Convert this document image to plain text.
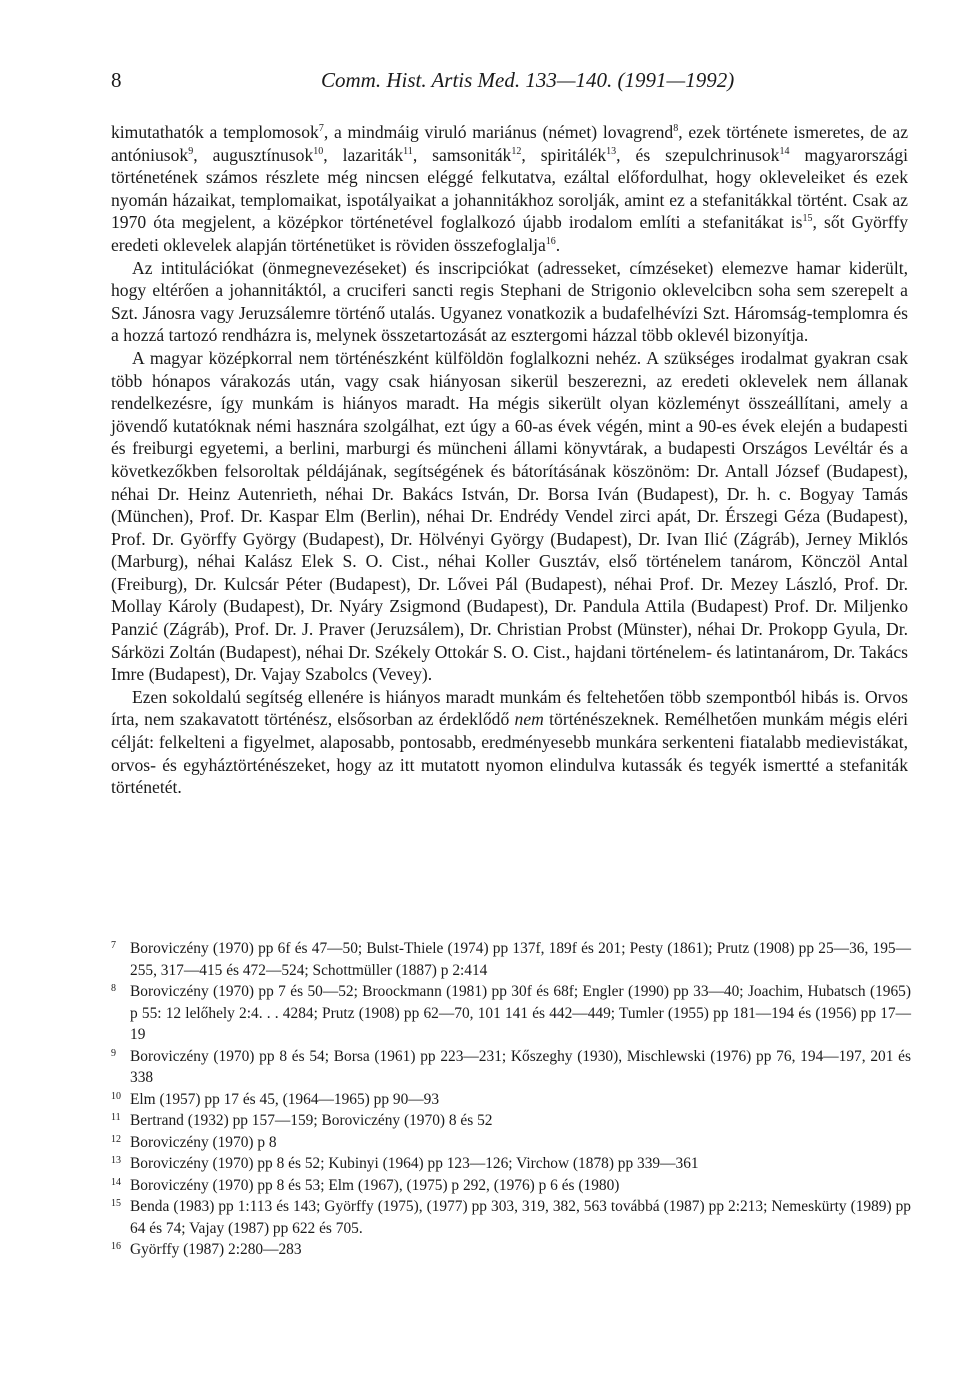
8	Comm. Hist. Artis Med. 133—140. (1991—1992)

kimutathatók a templomosok$^7$, a mindmáig viruló mariánus (német) lovagrend$^8$, ezek története ismeretes, de az antóniusok$^9$, augusztínusok$^{10}$, lazariták$^{11}$, samsoniták$^{12}$, spiritálék$^{13}$, és szepulchrinusok$^{14}$ magyarországi történetének számos részlete még nincsen eléggé felkutatva, ezáltal előfordulhat, hogy okleveleiket és ezek nyomán házaikat, templomaikat, ispotályaikat a johannitákhoz sorolják, amint ez a stefanitákkal történt. Csak az 1970 óta megjelent, a középkor történetével foglalkozó újabb irodalom említi a stefanitákat $is^{15}$, sőt Györffy eredeti oklevelek alapján történetüket is röviden összefoglalja$^{16}$.

Az intitulációkat (önmegnevezéseket) és inscripciókat (adresseket, címzéseket) elemezve hamar kiderült, hogy eltérően a johannitáktól, a cruciferi sancti regis Stephani de Strigonio oklevelcibcn soha sem szerepelt a Szt. Jánosra vagy Jeruzsálemre történő utalás. Ugyanez vonatkozik a budafelhévízi Szt. Háromság-templomra és a hozzá tartozó rendházra is, melynek összetartozását az esztergomi házzal több oklevél bizonyítja.

A magyar középkorral nem történészként külföldön foglalkozni nehéz. A szükséges irodalmat gyakran csak több hónapos várakozás után, vagy csak hiányosan sikerül beszerezni, az eredeti oklevelek nem állanak rendelkezésre, így munkám is hiányos maradt. Ha mégis sikerült olyan közleményt összeállítani, amely a jövendő kutatóknak némi hasznára szolgálhat, ezt úgy a 60-as évek végén, mint a 90-es évek elején a budapesti és freiburgi egyetemi, a berlini, marburgi és müncheni állami könyvtárak, a budapesti Országos Levéltár és a következőkben felsoroltak példájának, segítségének és bátorításának köszönöm: Dr. Antall József (Budapest), néhai Dr. Heinz Autenrieth, néhai Dr. Bakács István, Dr. Borsa Iván (Budapest), Dr. h. c. Bogyay Tamás (München), Prof. Dr. Kaspar Elm (Berlin), néhai Dr. Endrédy Vendel zirci apát, Dr. Érszegi Géza (Budapest), Prof. Dr. Györffy György (Budapest), Dr. Hölvényi György (Budapest), Dr. Ivan Ilić (Zágráb), Jerney Miklós (Marburg), néhai Kalász Elek S. O. Cist., néhai Koller Gusztáv, első történelem tanárom, Könczöl Antal (Freiburg), Dr. Kulcsár Péter (Budapest), Dr. Lővei Pál (Budapest), néhai Prof. Dr. Mezey László, Prof. Dr. Mollay Károly (Budapest), Dr. Nyáry Zsigmond (Budapest), Dr. Pandula Attila (Budapest) Prof. Dr. Miljenko Panzić (Zágráb), Prof. Dr. J. Praver (Jeruzsálem), Dr. Christian Probst (Münster), néhai Dr. Prokopp Gyula, Dr. Sárközi Zoltán (Budapest), néhai Dr. Székely Ottokár S. O. Cist., hajdani történelem- és latintanárom, Dr. Takács Imre (Budapest), Dr. Vajay Szabolcs (Vevey).

Ezen sokoldalú segítség ellenére is hiányos maradt munkám és feltehetően több szempontból hibás is. Orvos írta, nem szakavatott történész, elsősorban az érdeklődő nem történészeknek. Remélhetően munkám mégis eléri célját: felkelteni a figyelmet, alaposabb, pontosabb, eredményesebb munkára serkenteni fiatalabb medievistákat, orvos- és egyháztörténészeket, hogy az itt mutatott nyomon elindulva kutassák és tegyék ismertté a stefaniták történetét.

7 Boroviczény (1970) pp 6f és 47—50; Bulst-Thiele (1974) pp 137f, 189f és 201; Pesty (1861); Prutz (1908) pp 25—36, 195—255, 317—415 és 472—524; Schottmüller (1887) p 2:414
8 Boroviczény (1970) pp 7 és 50—52; Broockmann (1981) pp 30f és 68f; Engler (1990) pp 33—40; Joachim, Hubatsch (1965) p 55: 12 lelőhely 2:4. . . 4284; Prutz (1908) pp 62—70, 101 141 és 442—449; Tumler (1955) pp 181—194 és (1956) pp 17—19
9 Boroviczény (1970) pp 8 és 54; Borsa (1961) pp 223—231; Kőszeghy (1930), Mischlewski (1976) pp 76, 194—197, 201 és 338
10 Elm (1957) pp 17 és 45, (1964—1965) pp 90—93
11 Bertrand (1932) pp 157—159; Boroviczény (1970) 8 és 52
12 Boroviczény (1970) p 8
13 Boroviczény (1970) pp 8 és 52; Kubinyi (1964) pp 123—126; Virchow (1878) pp 339—361
14 Boroviczény (1970) pp 8 és 53; Elm (1967), (1975) p 292, (1976) p 6 és (1980)
15 Benda (1983) pp 1:113 és 143; Györffy (1975), (1977) pp 303, 319, 382, 563 továbbá (1987) pp 2:213; Nemeskürty (1989) pp 64 és 74; Vajay (1987) pp 622 és 705.
16 Györffy (1987) 2:280—283
